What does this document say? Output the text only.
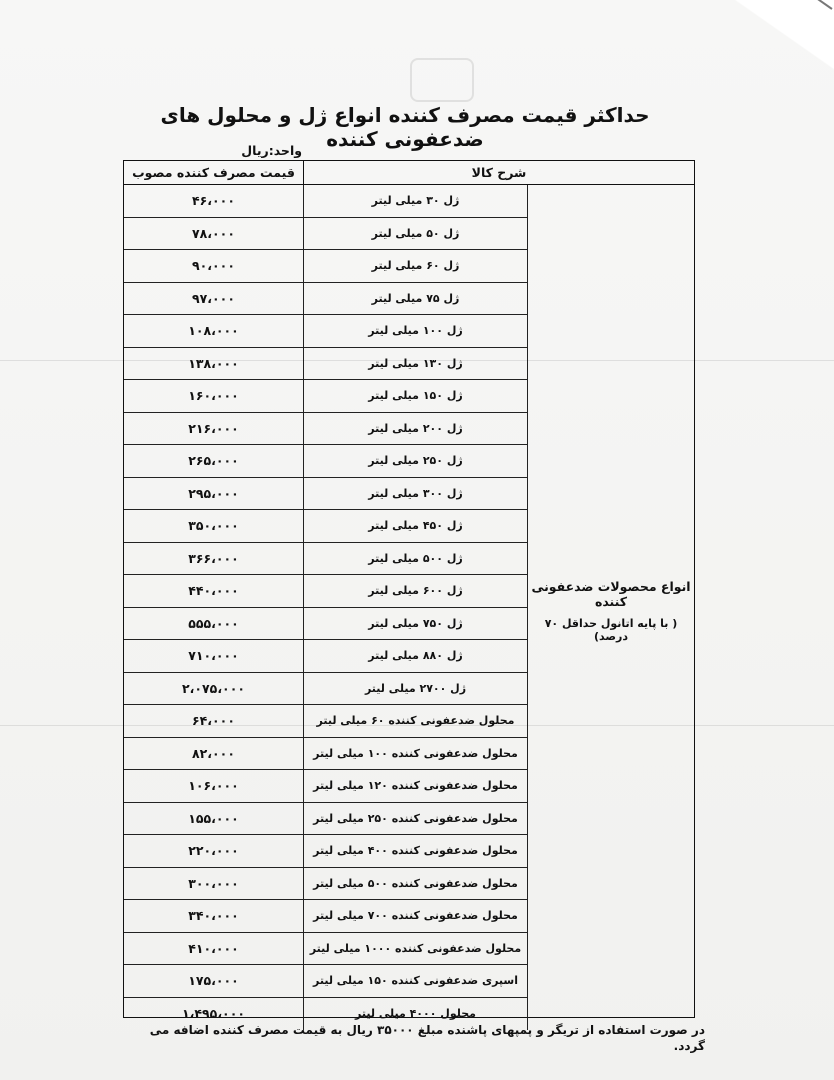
حداکثر قیمت مصرف کننده انواع ژل و محلول های ضدعفونی کننده
واحد:ریال
قیمت مصرف کننده مصوب	شرح کالا
۴۶،۰۰۰	ژل ۳۰ میلی لیتر
۷۸،۰۰۰	ژل ۵۰ میلی لیتر
۹۰،۰۰۰	ژل ۶۰ میلی لیتر
۹۷،۰۰۰	ژل ۷۵ میلی لیتر
۱۰۸،۰۰۰	ژل ۱۰۰ میلی لیتر
۱۳۸،۰۰۰	ژل ۱۳۰ میلی لیتر
۱۶۰،۰۰۰	ژل ۱۵۰ میلی لیتر
۲۱۶،۰۰۰	ژل ۲۰۰ میلی لیتر
۲۶۵،۰۰۰	ژل ۲۵۰ میلی لیتر
۲۹۵،۰۰۰	ژل ۳۰۰ میلی لیتر
۳۵۰،۰۰۰	ژل ۴۵۰ میلی لیتر
۳۶۶،۰۰۰	ژل ۵۰۰ میلی لیتر
۴۴۰،۰۰۰	ژل ۶۰۰ میلی لیتر
۵۵۵،۰۰۰	ژل ۷۵۰ میلی لیتر
۷۱۰،۰۰۰	ژل ۸۸۰ میلی لیتر
۲،۰۷۵،۰۰۰	ژل ۲۷۰۰ میلی لیتر
۶۴،۰۰۰	محلول ضدعفونی کننده ۶۰ میلی لیتر
۸۲،۰۰۰	محلول ضدعفونی کننده ۱۰۰ میلی لیتر
۱۰۶،۰۰۰	محلول ضدعفونی کننده ۱۲۰ میلی لیتر
۱۵۵،۰۰۰	محلول ضدعفونی کننده ۲۵۰ میلی لیتر
۲۲۰،۰۰۰	محلول ضدعفونی کننده ۴۰۰ میلی لیتر
۳۰۰،۰۰۰	محلول ضدعفونی کننده ۵۰۰ میلی لیتر
۳۴۰،۰۰۰	محلول ضدعفونی کننده ۷۰۰ میلی لیتر
۴۱۰،۰۰۰	محلول ضدعفونی کننده ۱۰۰۰ میلی لیتر
۱۷۵،۰۰۰	اسپری ضدعفونی کننده ۱۵۰ میلی لیتر
۱،۴۹۵،۰۰۰	محلول ۴۰۰۰ میلی لیتر
انواع محصولات ضدعفونی کننده
( با پایه اتانول حداقل ۷۰ درصد)
در صورت استفاده از تریگر و پمپهای پاشنده مبلغ ۳۵۰۰۰ ریال به قیمت مصرف کننده اضافه می گردد.
